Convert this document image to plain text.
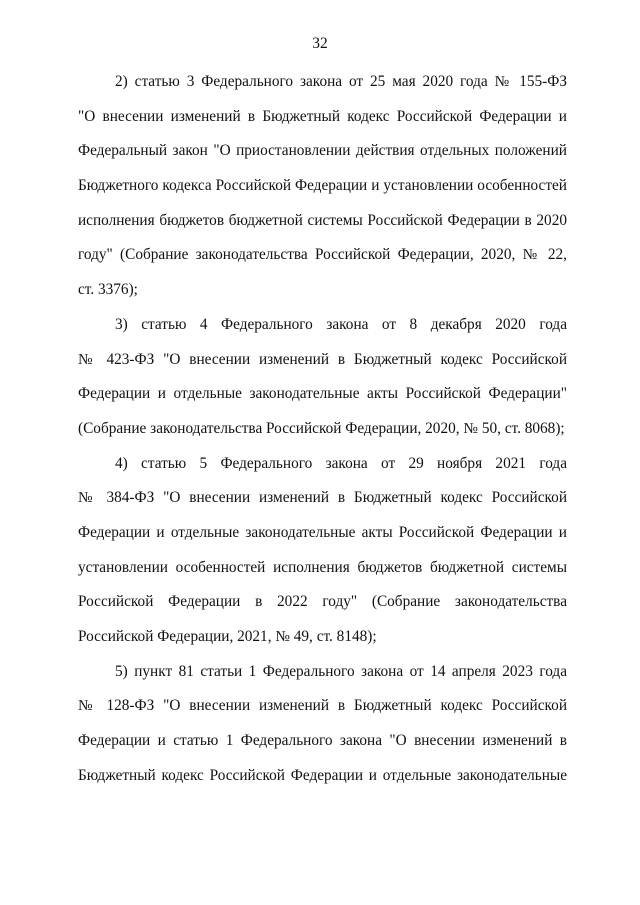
32
2) статью 3 Федерального закона от 25 мая 2020 года № 155-ФЗ
"О внесении изменений в Бюджетный кодекс Российской Федерации и
Федеральный закон "О приостановлении действия отдельных положений
Бюджетного кодекса Российской Федерации и установлении особенностей
исполнения бюджетов бюджетной системы Российской Федерации в 2020
году" (Собрание законодательства Российской Федерации, 2020, № 22,
ст. 3376);
3) статью 4 Федерального закона от 8 декабря 2020 года
№ 423-ФЗ "О внесении изменений в Бюджетный кодекс Российской
Федерации и отдельные законодательные акты Российской Федерации"
(Собрание законодательства Российской Федерации, 2020, № 50, ст. 8068);
4) статью 5 Федерального закона от 29 ноября 2021 года
№ 384-ФЗ "О внесении изменений в Бюджетный кодекс Российской
Федерации и отдельные законодательные акты Российской Федерации и
установлении особенностей исполнения бюджетов бюджетной системы
Российской Федерации в 2022 году" (Собрание законодательства
Российской Федерации, 2021, № 49, ст. 8148);
5) пункт 81 статьи 1 Федерального закона от 14 апреля 2023 года
№ 128-ФЗ "О внесении изменений в Бюджетный кодекс Российской
Федерации и статью 1 Федерального закона "О внесении изменений в
Бюджетный кодекс Российской Федерации и отдельные законодательные
